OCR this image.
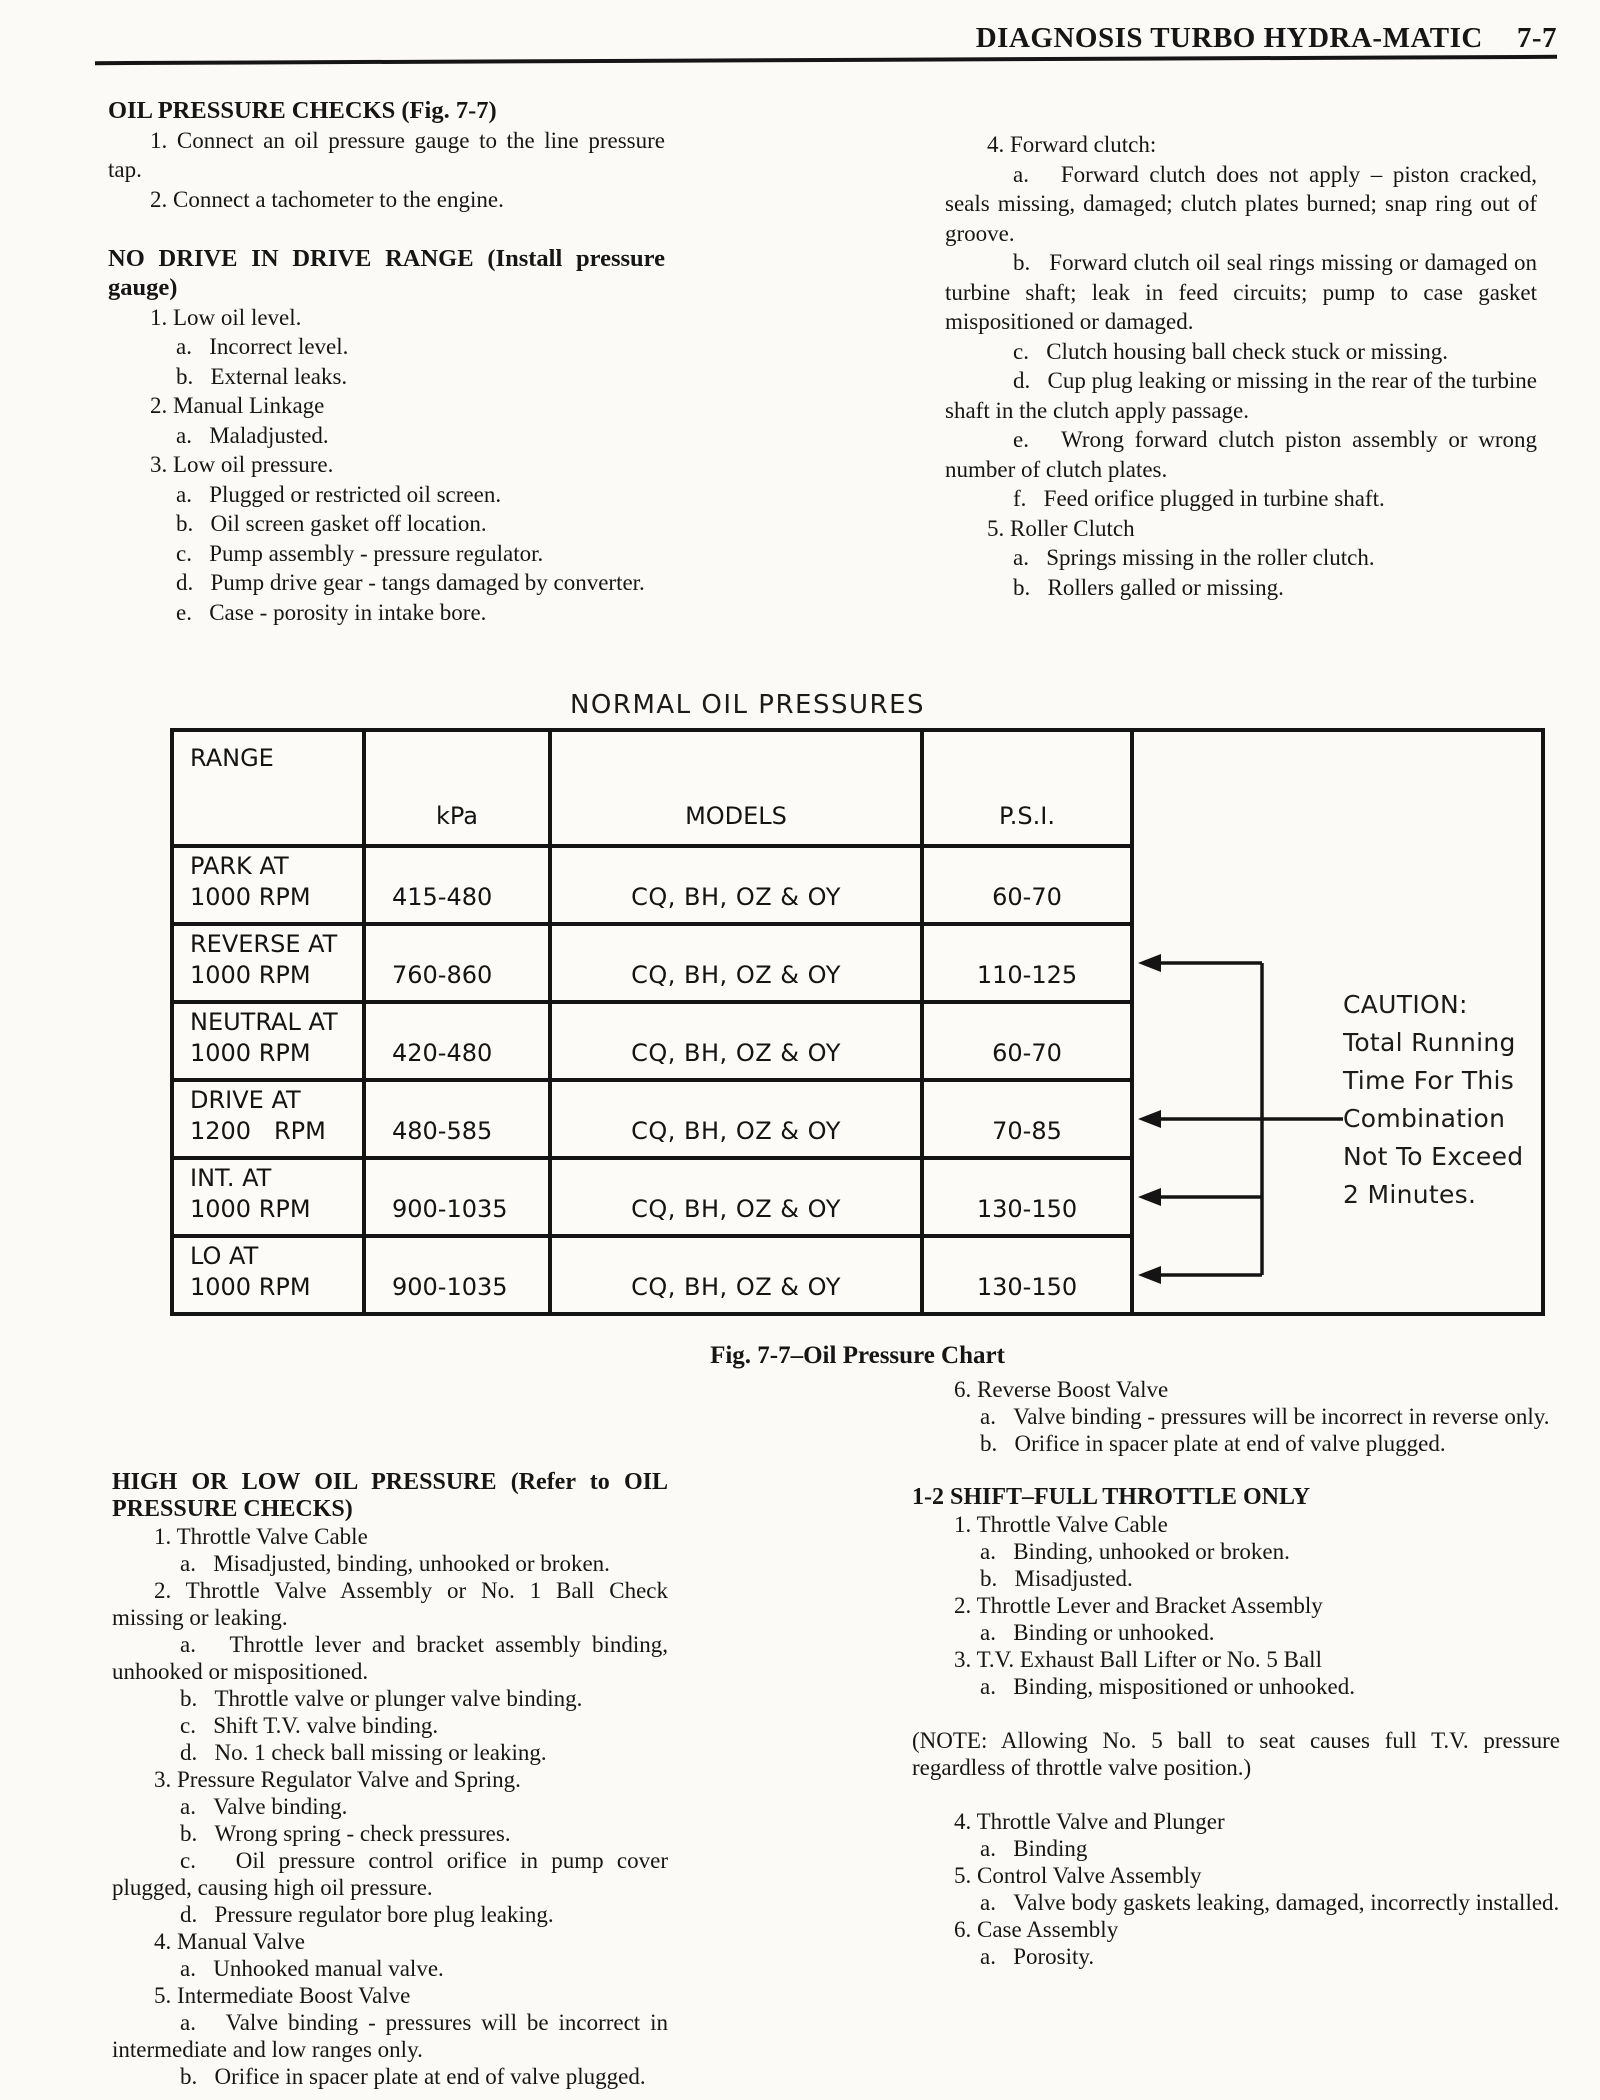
DIAGNOSIS TURBO HYDRA-MATIC 7-7

OIL PRESSURE CHECKS (Fig. 7-7)

1. Connect an oil pressure gauge to the line pressure tap.

2. Connect a tachometer to the engine.

NO DRIVE IN DRIVE RANGE (Install pressure gauge)

1. Low oil level.

a.   Incorrect level.

b.   External leaks.

2. Manual Linkage

a.   Maladjusted.

3. Low oil pressure.

a.   Plugged or restricted oil screen.

b.   Oil screen gasket off location.

c.   Pump assembly - pressure regulator.

d.   Pump drive gear - tangs damaged by converter.

e.   Case - porosity in intake bore.

4. Forward clutch:

a.   Forward clutch does not apply – piston cracked, seals missing, damaged; clutch plates burned; snap ring out of groove.

b.   Forward clutch oil seal rings missing or damaged on turbine shaft; leak in feed circuits; pump to case gasket mispositioned or damaged.

c.   Clutch housing ball check stuck or missing.

d.   Cup plug leaking or missing in the rear of the turbine shaft in the clutch apply passage.

e.   Wrong forward clutch piston assembly or wrong number of clutch plates.

f.   Feed orifice plugged in turbine shaft.

5. Roller Clutch

a.   Springs missing in the roller clutch.

b.   Rollers galled or missing.

NORMAL OIL PRESSURES
RANGE
kPa	MODELS	P.S.I.
PARK AT
1000 RPM	415-480	CQ, BH, OZ & OY	60-70
REVERSE AT
1000 RPM	760-860	CQ, BH, OZ & OY	110-125
NEUTRAL AT
1000 RPM	420-480	CQ, BH, OZ & OY	60-70
DRIVE AT
1200   RPM	480-585	CQ, BH, OZ & OY	70-85
INT. AT
1000 RPM	900-1035	CQ, BH, OZ & OY	130-150
LO AT
1000 RPM	900-1035	CQ, BH, OZ & OY	130-150
CAUTION:
Total Running
Time For This
Combination
Not To Exceed
2 Minutes.
Fig. 7-7–Oil Pressure Chart

HIGH OR LOW OIL PRESSURE (Refer to OIL PRESSURE CHECKS)

1. Throttle Valve Cable

a.   Misadjusted, binding, unhooked or broken.

2. Throttle Valve Assembly or No. 1 Ball Check missing or leaking.

a.   Throttle lever and bracket assembly binding, unhooked or mispositioned.

b.   Throttle valve or plunger valve binding.

c.   Shift T.V. valve binding.

d.   No. 1 check ball missing or leaking.

3. Pressure Regulator Valve and Spring.

a.   Valve binding.

b.   Wrong spring - check pressures.

c.   Oil pressure control orifice in pump cover plugged, causing high oil pressure.

d.   Pressure regulator bore plug leaking.

4. Manual Valve

a.   Unhooked manual valve.

5. Intermediate Boost Valve

a.   Valve binding - pressures will be incorrect in intermediate and low ranges only.

b.   Orifice in spacer plate at end of valve plugged.

6. Reverse Boost Valve

a.   Valve binding - pressures will be incorrect in reverse only.

b.   Orifice in spacer plate at end of valve plugged.

1-2 SHIFT–FULL THROTTLE ONLY

1. Throttle Valve Cable

a.   Binding, unhooked or broken.

b.   Misadjusted.

2. Throttle Lever and Bracket Assembly

a.   Binding or unhooked.

3. T.V. Exhaust Ball Lifter or No. 5 Ball

a.   Binding, mispositioned or unhooked.

(NOTE: Allowing No. 5 ball to seat causes full T.V. pressure regardless of throttle valve position.)

4. Throttle Valve and Plunger

a.   Binding

5. Control Valve Assembly

a.   Valve body gaskets leaking, damaged, incorrectly installed.

6. Case Assembly

a.   Porosity.
